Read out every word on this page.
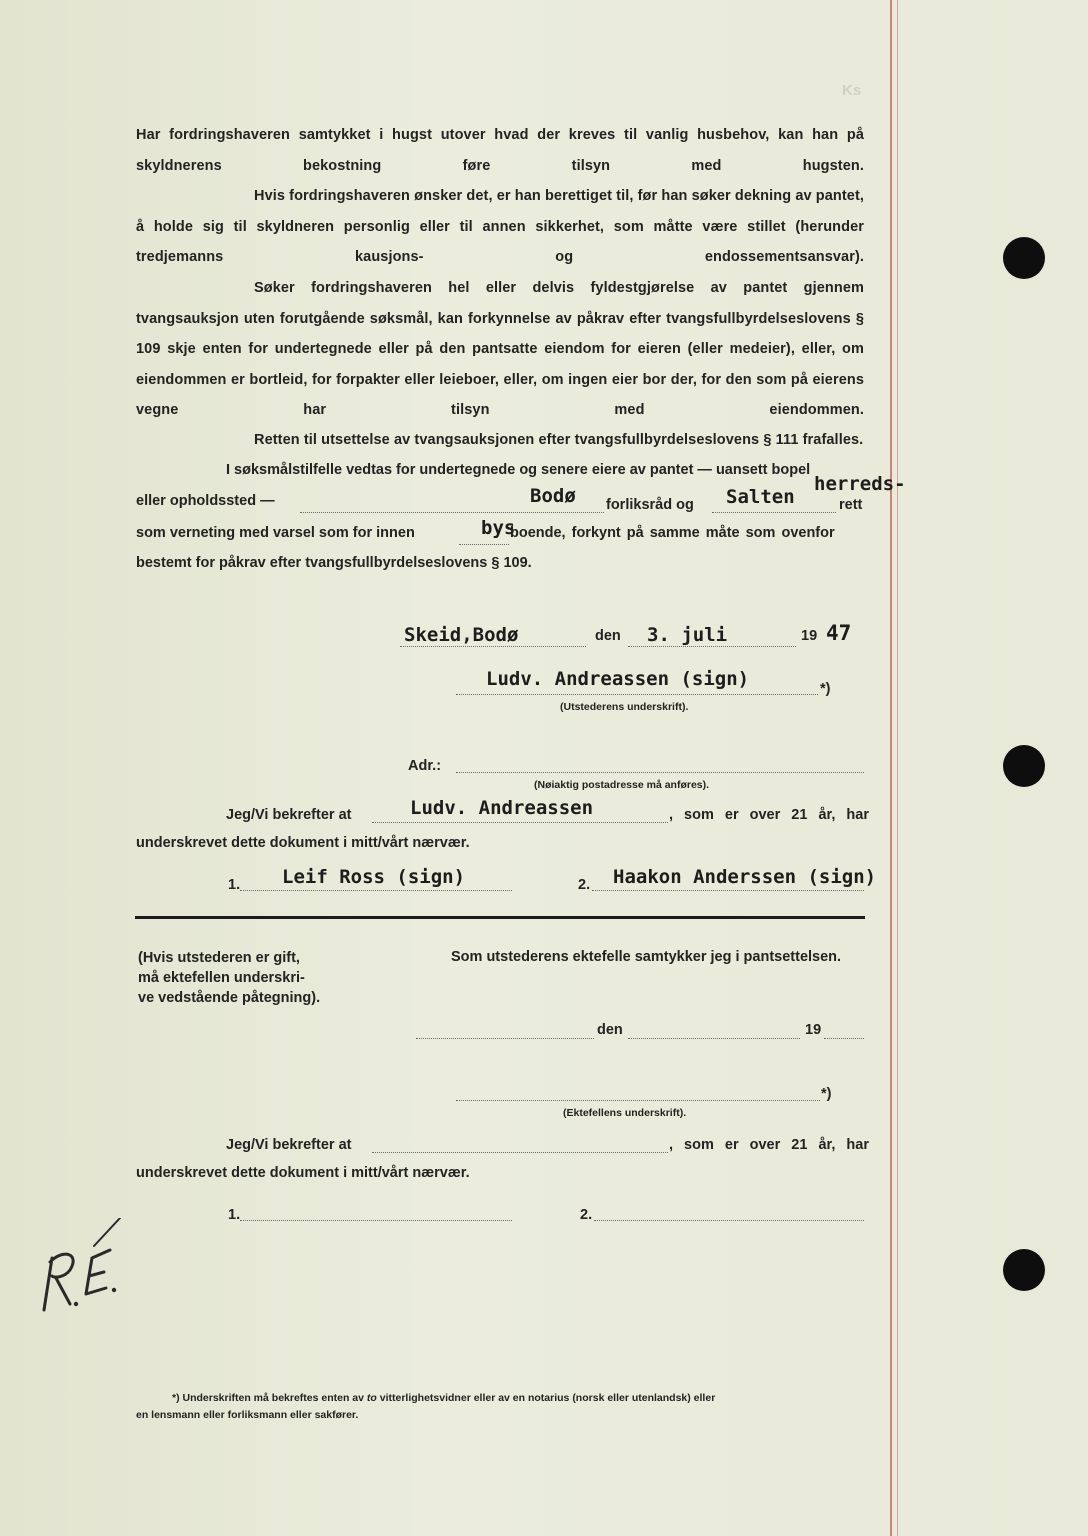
Ks
Har fordringshaveren samtykket i hugst utover hvad der kreves til vanlig husbehov, kan han på skyldnerens bekostning føre tilsyn med hugsten.
Hvis fordringshaveren ønsker det, er han berettiget til, før han søker dekning av pantet, å holde sig til skyldneren personlig eller til annen sikkerhet, som måtte være stillet (herunder tredjemanns kausjons- og endossementsansvar).
Søker fordringshaveren hel eller delvis fyldestgjørelse av pantet gjennem tvangsauksjon uten forutgående søksmål, kan forkynnelse av påkrav efter tvangsfullbyrdelseslovens § 109 skje enten for undertegnede eller på den pantsatte eiendom for eieren (eller medeier), eller, om eiendommen er bortleid, for forpakter eller leieboer, eller, om ingen eier bor der, for den som på eierens vegne har tilsyn med eiendommen.
Retten til utsettelse av tvangsauksjonen efter tvangsfullbyrdelseslovens § 111 frafalles.
I søksmålstilfelle vedtas for undertegnede og senere eiere av pantet — uansett bopel
eller opholdssted —	Bodø forliksråd og Salten
herreds-
rett
som verneting med varsel som for innen	bys
boende, forkynt på samme måte som ovenfor
bestemt for påkrav efter tvangsfullbyrdelseslovens § 109.
Skeid,Bodø	den 3. juli	19 47
Ludv. Andreassen (sign)	*)
(Utstederens underskrift).
Adr.:
(Nøiaktig postadresse må anføres).
Jeg/Vi bekrefter at	Ludv. Andreassen	, som er over 21 år, har
underskrevet dette dokument i mitt/vårt nærvær.
1. Leif Ross (sign)	2. Haakon Anderssen (sign)
(Hvis utstederen er gift,
må ektefellen underskri-
ve vedstående påtegning).
Som utstederens ektefelle samtykker jeg i pantsettelsen.
den	19
*)
(Ektefellens underskrift).
Jeg/Vi bekrefter at	, som er over 21 år, har
underskrevet dette dokument i mitt/vårt nærvær.
1.	2.
*) Underskriften må bekreftes enten av to vitterlighetsvidner eller av en notarius (norsk eller utenlandsk) eller
en lensmann eller forliksmann eller sakfører.
